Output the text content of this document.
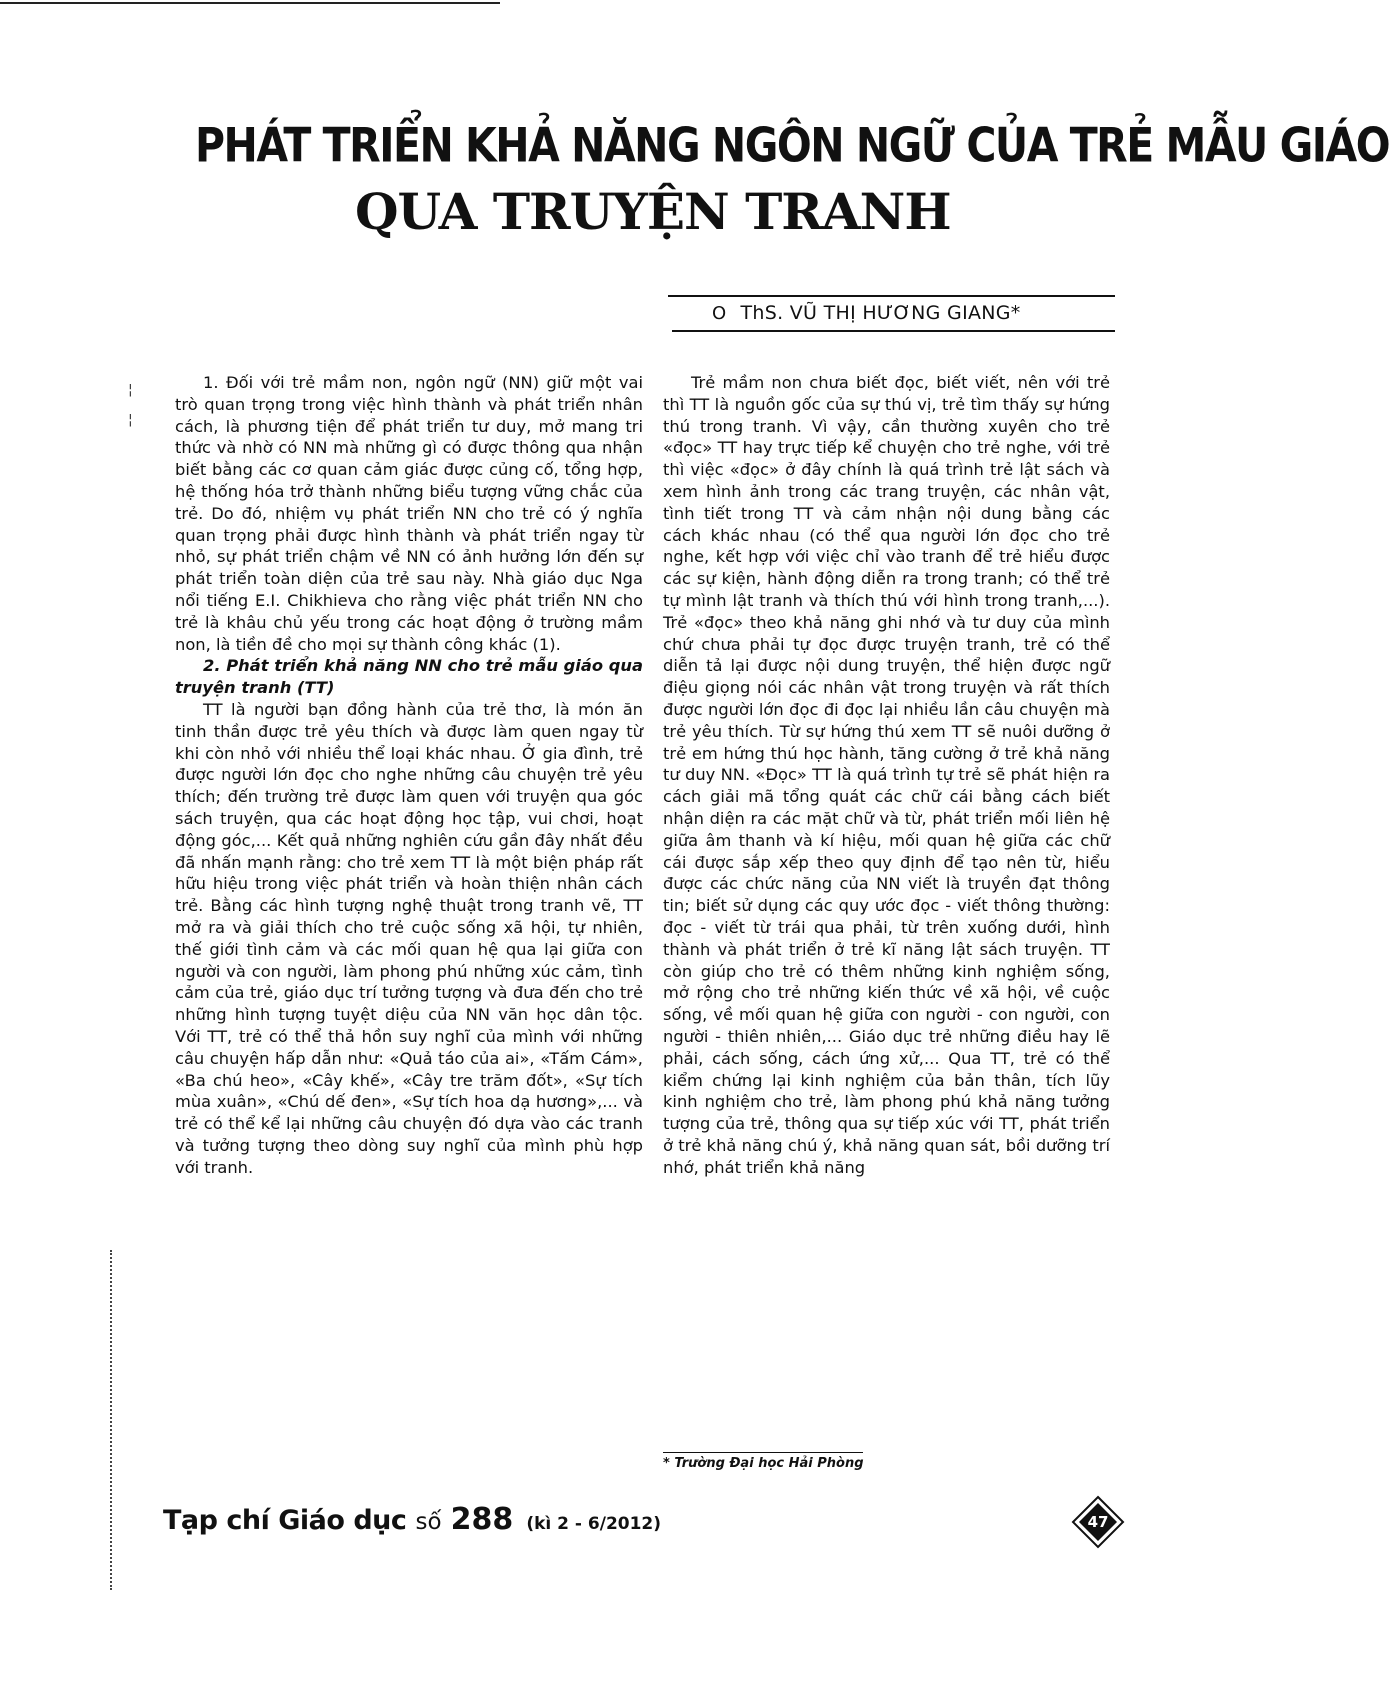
PHÁT TRIỂN KHẢ NĂNG NGÔN NGỮ CỦA TRẺ MẪU GIÁO
QUA TRUYỆN TRANH
O ThS. VŨ THỊ HƯƠNG GIANG*
¦
¦

1. Đối với trẻ mầm non, ngôn ngữ (NN) giữ một vai trò quan trọng trong việc hình thành và phát triển nhân cách, là phương tiện để phát triển tư duy, mở mang tri thức và nhờ có NN mà những gì có được thông qua nhận biết bằng các cơ quan cảm giác được củng cố, tổng hợp, hệ thống hóa trở thành những biểu tượng vững chắc của trẻ. Do đó, nhiệm vụ phát triển NN cho trẻ có ý nghĩa quan trọng phải được hình thành và phát triển ngay từ nhỏ, sự phát triển chậm về NN có ảnh hưởng lớn đến sự phát triển toàn diện của trẻ sau này. Nhà giáo dục Nga nổi tiếng E.I. Chikhieva cho rằng việc phát triển NN cho trẻ là khâu chủ yếu trong các hoạt động ở trường mầm non, là tiền đề cho mọi sự thành công khác (1).

2. Phát triển khả năng NN cho trẻ mẫu giáo qua truyện tranh (TT)

TT là người bạn đồng hành của trẻ thơ, là món ăn tinh thần được trẻ yêu thích và được làm quen ngay từ khi còn nhỏ với nhiều thể loại khác nhau. Ở gia đình, trẻ được người lớn đọc cho nghe những câu chuyện trẻ yêu thích; đến trường trẻ được làm quen với truyện qua góc sách truyện, qua các hoạt động học tập, vui chơi, hoạt động góc,... Kết quả những nghiên cứu gần đây nhất đều đã nhấn mạnh rằng: cho trẻ xem TT là một biện pháp rất hữu hiệu trong việc phát triển và hoàn thiện nhân cách trẻ. Bằng các hình tượng nghệ thuật trong tranh vẽ, TT mở ra và giải thích cho trẻ cuộc sống xã hội, tự nhiên, thế giới tình cảm và các mối quan hệ qua lại giữa con người và con người, làm phong phú những xúc cảm, tình cảm của trẻ, giáo dục trí tưởng tượng và đưa đến cho trẻ những hình tượng tuyệt diệu của NN văn học dân tộc. Với TT, trẻ có thể thả hồn suy nghĩ của mình với những câu chuyện hấp dẫn như: «Quả táo của ai», «Tấm Cám», «Ba chú heo», «Cây khế», «Cây tre trăm đốt», «Sự tích mùa xuân», «Chú dế đen», «Sự tích hoa dạ hương»,... và trẻ có thể kể lại những câu chuyện đó dựa vào các tranh và tưởng tượng theo dòng suy nghĩ của mình phù hợp với tranh.

Trẻ mầm non chưa biết đọc, biết viết, nên với trẻ thì TT là nguồn gốc của sự thú vị, trẻ tìm thấy sự hứng thú trong tranh. Vì vậy, cần thường xuyên cho trẻ «đọc» TT hay trực tiếp kể chuyện cho trẻ nghe, với trẻ thì việc «đọc» ở đây chính là quá trình trẻ lật sách và xem hình ảnh trong các trang truyện, các nhân vật, tình tiết trong TT và cảm nhận nội dung bằng các cách khác nhau (có thể qua người lớn đọc cho trẻ nghe, kết hợp với việc chỉ vào tranh để trẻ hiểu được các sự kiện, hành động diễn ra trong tranh; có thể trẻ tự mình lật tranh và thích thú với hình trong tranh,...). Trẻ «đọc» theo khả năng ghi nhớ và tư duy của mình chứ chưa phải tự đọc được truyện tranh, trẻ có thể diễn tả lại được nội dung truyện, thể hiện được ngữ điệu giọng nói các nhân vật trong truyện và rất thích được người lớn đọc đi đọc lại nhiều lần câu chuyện mà trẻ yêu thích. Từ sự hứng thú xem TT sẽ nuôi dưỡng ở trẻ em hứng thú học hành, tăng cường ở trẻ khả năng tư duy NN. «Đọc» TT là quá trình tự trẻ sẽ phát hiện ra cách giải mã tổng quát các chữ cái bằng cách biết nhận diện ra các mặt chữ và từ, phát triển mối liên hệ giữa âm thanh và kí hiệu, mối quan hệ giữa các chữ cái được sắp xếp theo quy định để tạo nên từ, hiểu được các chức năng của NN viết là truyền đạt thông tin; biết sử dụng các quy ước đọc - viết thông thường: đọc - viết từ trái qua phải, từ trên xuống dưới, hình thành và phát triển ở trẻ kĩ năng lật sách truyện. TT còn giúp cho trẻ có thêm những kinh nghiệm sống, mở rộng cho trẻ những kiến thức về xã hội, về cuộc sống, về mối quan hệ giữa con người - con người, con người - thiên nhiên,... Giáo dục trẻ những điều hay lẽ phải, cách sống, cách ứng xử,... Qua TT, trẻ có thể kiểm chứng lại kinh nghiệm của bản thân, tích lũy kinh nghiệm cho trẻ, làm phong phú khả năng tưởng tượng của trẻ, thông qua sự tiếp xúc với TT, phát triển ở trẻ khả năng chú ý, khả năng quan sát, bồi dưỡng trí nhớ, phát triển khả năng

* Trường Đại học Hải Phòng
Tạp chí Giáo dục số 288 (kì 2 - 6/2012)	47
